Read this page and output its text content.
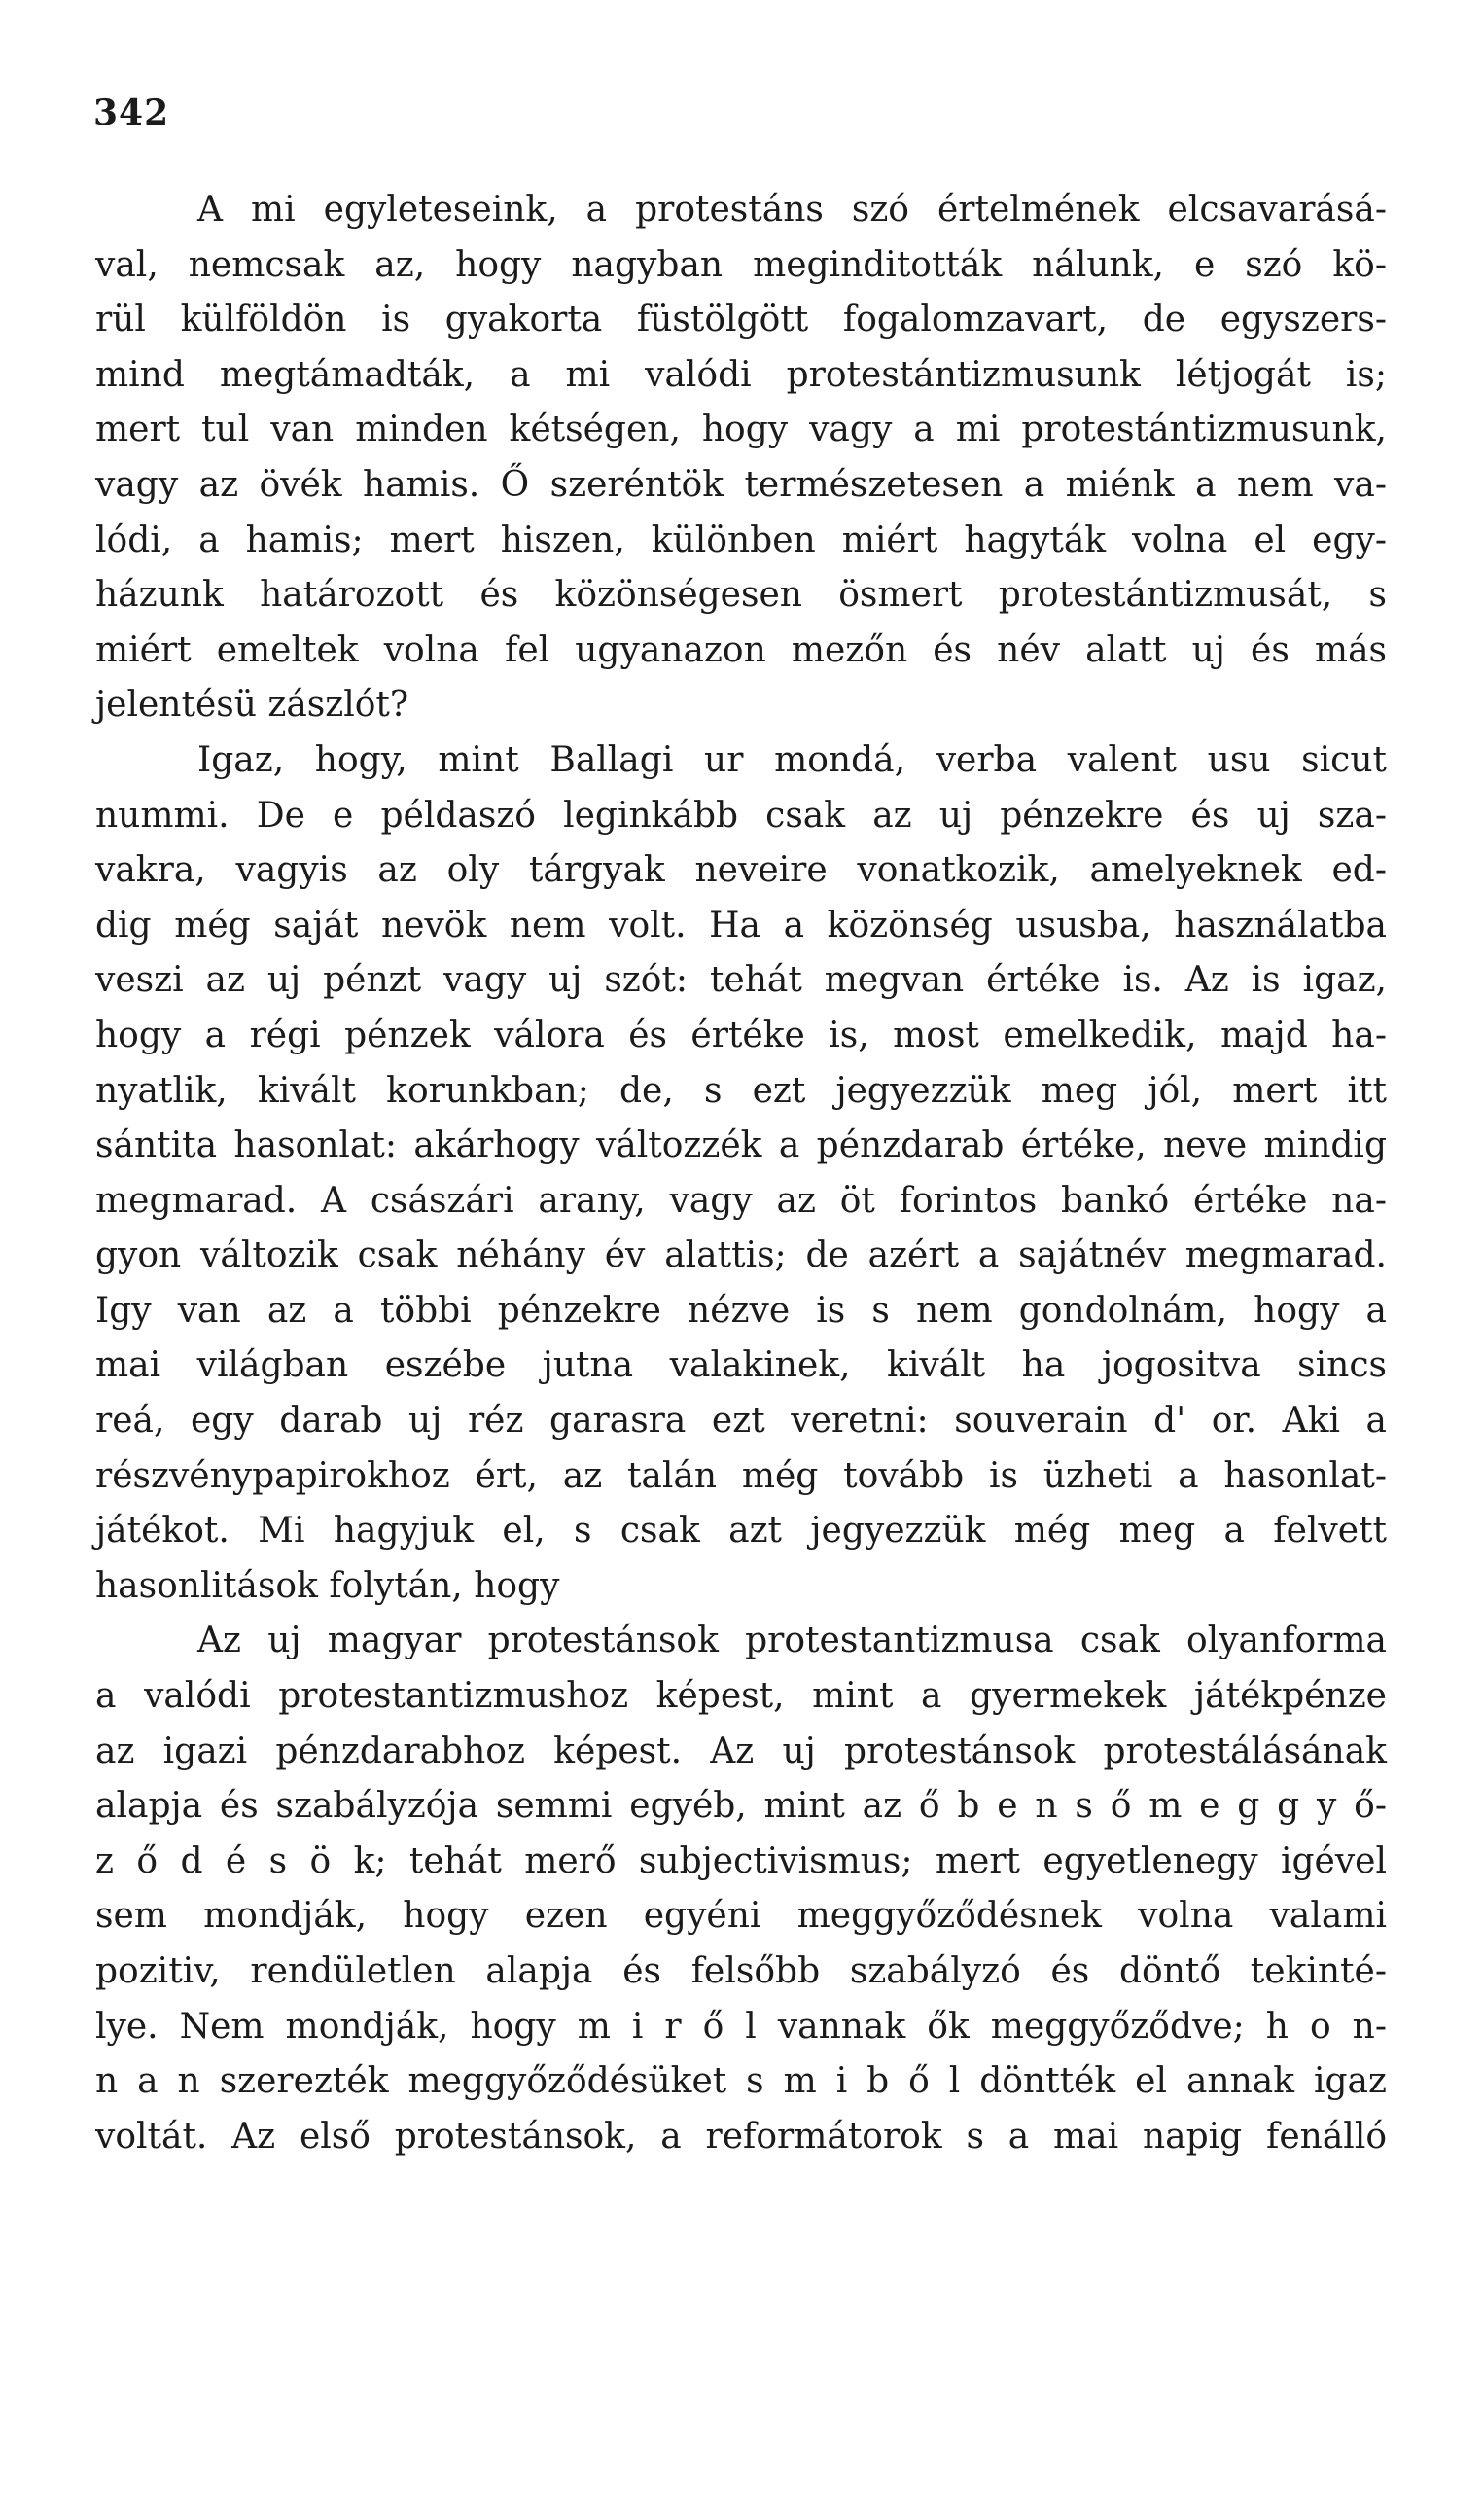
342
A mi egyleteseink, a protestáns szó értelmének elcsavarásá-
val, nemcsak az, hogy nagyban meginditották nálunk, e szó kö-
rül külföldön is gyakorta füstölgött fogalomzavart, de egyszers-
mind megtámadták, a mi valódi protestántizmusunk létjogát is;
mert tul van minden kétségen, hogy vagy a mi protestántizmusunk,
vagy az övék hamis. Ő szeréntök természetesen a miénk a nem va-
lódi, a hamis; mert hiszen, különben miért hagyták volna el egy-
házunk határozott és közönségesen ösmert protestántizmusát, s
miért emeltek volna fel ugyanazon mezőn és név alatt uj és más
jelentésü zászlót?
Igaz, hogy, mint Ballagi ur mondá, verba valent usu sicut
nummi. De e példaszó leginkább csak az uj pénzekre és uj sza-
vakra, vagyis az oly tárgyak neveire vonatkozik, amelyeknek ed-
dig még saját nevök nem volt. Ha a közönség ususba, használatba
veszi az uj pénzt vagy uj szót: tehát megvan értéke is. Az is igaz,
hogy a régi pénzek válora és értéke is, most emelkedik, majd ha-
nyatlik, kivált korunkban; de, s ezt jegyezzük meg jól, mert itt
sántita hasonlat: akárhogy változzék a pénzdarab értéke, neve mindig
megmarad. A császári arany, vagy az öt forintos bankó értéke na-
gyon változik csak néhány év alattis; de azért a sajátnév megmarad.
Igy van az a többi pénzekre nézve is s nem gondolnám, hogy a
mai világban eszébe jutna valakinek, kivált ha jogositva sincs
reá, egy darab uj réz garasra ezt veretni: souverain d' or. Aki a
részvénypapirokhoz ért, az talán még tovább is üzheti a hasonlat-
játékot. Mi hagyjuk el, s csak azt jegyezzük még meg a felvett
hasonlitások folytán, hogy
Az uj magyar protestánsok protestantizmusa csak olyanforma
a valódi protestantizmushoz képest, mint a gyermekek játékpénze
az igazi pénzdarabhoz képest. Az uj protestánsok protestálásának
alapja és szabályzója semmi egyéb, mint az ő b e n s ő m e g g y ő-
z ő d é s ö k; tehát merő subjectivismus; mert egyetlenegy igével
sem mondják, hogy ezen egyéni meggyőződésnek volna valami
pozitiv, rendületlen alapja és felsőbb szabályzó és döntő tekinté-
lye. Nem mondják, hogy m i r ő l vannak ők meggyőződve; h o n-
n a n szerezték meggyőződésüket s m i b ő l döntték el annak igaz
voltát. Az első protestánsok, a reformátorok s a mai napig fenálló
